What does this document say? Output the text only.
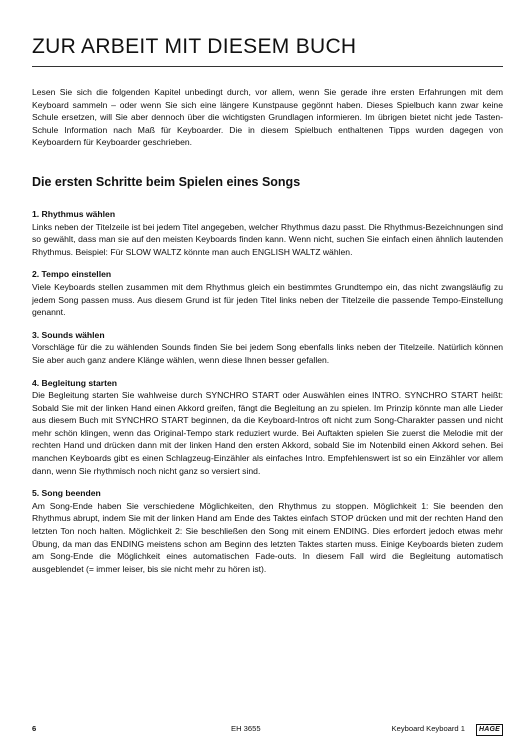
ZUR ARBEIT MIT DIESEM BUCH

Lesen Sie sich die folgenden Kapitel unbedingt durch, vor allem, wenn Sie gerade ihre ersten Erfahrungen mit dem Keyboard sammeln – oder wenn Sie sich eine längere Kunstpause gegönnt haben. Dieses Spielbuch kann zwar keine Schule ersetzen, will Sie aber dennoch über die wichtigsten Grundlagen informieren. Im übrigen bietet nicht jede Tasten-Schule Information nach Maß für Keyboarder. Die in diesem Spielbuch enthaltenen Tipps wurden dagegen von Keyboardern für Keyboarder geschrieben.

Die ersten Schritte beim Spielen eines Songs
1. Rhythmus wählen

Links neben der Titelzeile ist bei jedem Titel angegeben, welcher Rhythmus dazu passt. Die Rhythmus-Bezeichnungen sind so gewählt, dass man sie auf den meisten Keyboards finden kann. Wenn nicht, suchen Sie einfach einen ähnlich lautenden Rhythmus. Beispiel: Für SLOW WALTZ könnte man auch ENGLISH WALTZ wählen.

2. Tempo einstellen

Viele Keyboards stellen zusammen mit dem Rhythmus gleich ein bestimmtes Grundtempo ein, das nicht zwangsläufig zu jedem Song passen muss. Aus diesem Grund ist für jeden Titel links neben der Titelzeile die passende Tempo-Einstellung genannt.

3. Sounds wählen

Vorschläge für die zu wählenden Sounds finden Sie bei jedem Song ebenfalls links neben der Titelzeile. Natürlich können Sie aber auch ganz andere Klänge wählen, wenn diese Ihnen besser gefallen.

4. Begleitung starten

Die Begleitung starten Sie wahlweise durch SYNCHRO START oder Auswählen eines INTRO. SYNCHRO START heißt: Sobald Sie mit der linken Hand einen Akkord greifen, fängt die Begleitung an zu spielen. Im Prinzip könnte man alle Lieder aus diesem Buch mit SYNCHRO START beginnen, da die Keyboard-Intros oft nicht zum Song-Charakter passen und nicht mehr schön klingen, wenn das Original-Tempo stark reduziert wurde. Bei Auftakten spielen Sie zuerst die Melodie mit der rechten Hand und drücken dann mit der linken Hand den ersten Akkord, sobald Sie im Notenbild einen Akkord sehen. Bei manchen Keyboards gibt es einen Schlagzeug-Einzähler als einfaches Intro. Empfehlenswert ist so ein Einzähler vor allem dann, wenn Sie rhythmisch noch nicht ganz so versiert sind.

5. Song beenden

Am Song-Ende haben Sie verschiedene Möglichkeiten, den Rhythmus zu stoppen. Möglichkeit 1: Sie beenden den Rhythmus abrupt, indem Sie mit der linken Hand am Ende des Taktes einfach STOP drücken und mit der rechten Hand den letzten Ton noch halten. Möglichkeit 2: Sie beschließen den Song mit einem ENDING. Dies erfordert jedoch etwas mehr Übung, da man das ENDING meistens schon am Beginn des letzten Taktes starten muss. Einige Keyboards bieten zudem am Song-Ende die Möglichkeit eines automatischen Fade-outs. In diesem Fall wird die Begleitung automatisch ausgeblendet (= immer leiser, bis sie nicht mehr zu hören ist).

6	EH 3655	Keyboard Keyboard 1	HAGE
